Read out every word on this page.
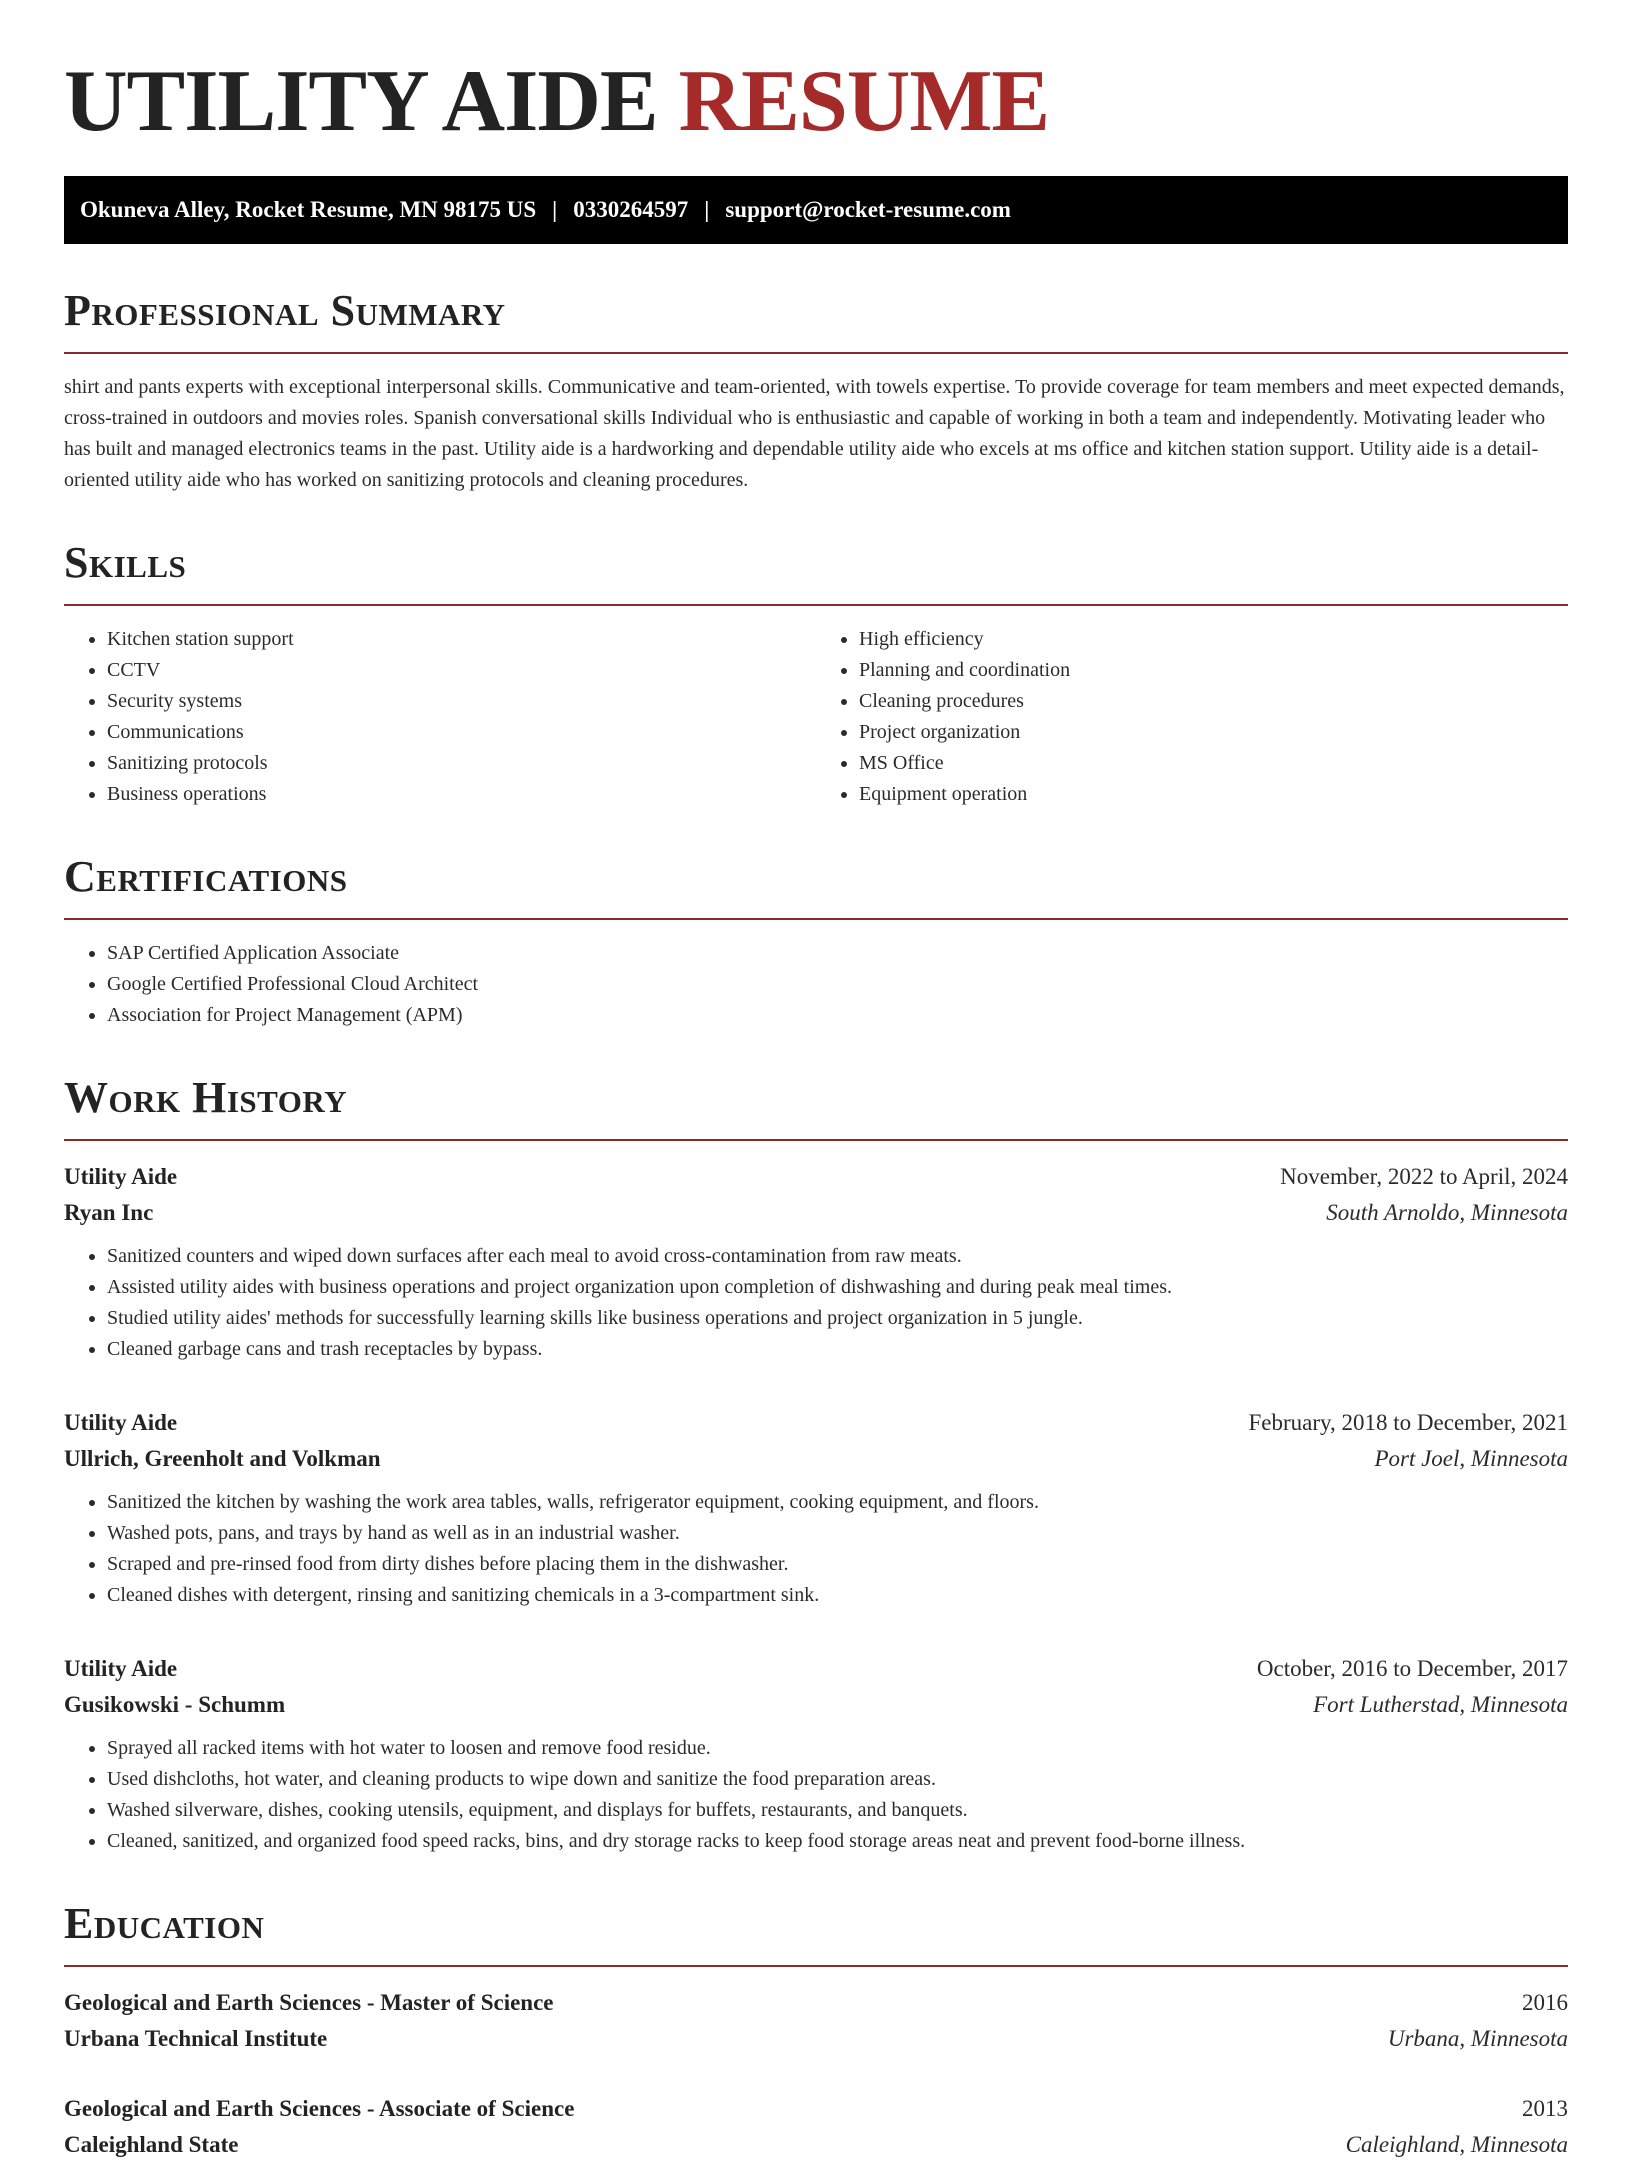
UTILITY AIDE RESUME
Okuneva Alley, Rocket Resume, MN 98175 US | 0330264597 | support@rocket-resume.com
Professional Summary

shirt and pants experts with exceptional interpersonal skills. Communicative and team-oriented, with towels expertise. To provide coverage for team members and meet expected demands, cross-trained in outdoors and movies roles. Spanish conversational skills Individual who is enthusiastic and capable of working in both a team and independently. Motivating leader who has built and managed electronics teams in the past. Utility aide is a hardworking and dependable utility aide who excels at ms office and kitchen station support. Utility aide is a detail-oriented utility aide who has worked on sanitizing protocols and cleaning procedures.

Skills
• Kitchen station support
• CCTV
• Security systems
• Communications
• Sanitizing protocols
• Business operations
• High efficiency
• Planning and coordination
• Cleaning procedures
• Project organization
• MS Office
• Equipment operation
Certifications
• SAP Certified Application Associate
• Google Certified Professional Cloud Architect
• Association for Project Management (APM)
Work History
Utility Aide	November, 2022 to April, 2024
Ryan Inc	South Arnoldo, Minnesota
• Sanitized counters and wiped down surfaces after each meal to avoid cross-contamination from raw meats.
• Assisted utility aides with business operations and project organization upon completion of dishwashing and during peak meal times.
• Studied utility aides' methods for successfully learning skills like business operations and project organization in 5 jungle.
• Cleaned garbage cans and trash receptacles by bypass.
Utility Aide	February, 2018 to December, 2021
Ullrich, Greenholt and Volkman	Port Joel, Minnesota
• Sanitized the kitchen by washing the work area tables, walls, refrigerator equipment, cooking equipment, and floors.
• Washed pots, pans, and trays by hand as well as in an industrial washer.
• Scraped and pre-rinsed food from dirty dishes before placing them in the dishwasher.
• Cleaned dishes with detergent, rinsing and sanitizing chemicals in a 3-compartment sink.
Utility Aide	October, 2016 to December, 2017
Gusikowski - Schumm	Fort Lutherstad, Minnesota
• Sprayed all racked items with hot water to loosen and remove food residue.
• Used dishcloths, hot water, and cleaning products to wipe down and sanitize the food preparation areas.
• Washed silverware, dishes, cooking utensils, equipment, and displays for buffets, restaurants, and banquets.
• Cleaned, sanitized, and organized food speed racks, bins, and dry storage racks to keep food storage areas neat and prevent food-borne illness.
Education
Geological and Earth Sciences - Master of Science	2016
Urbana Technical Institute	Urbana, Minnesota
Geological and Earth Sciences - Associate of Science	2013
Caleighland State	Caleighland, Minnesota
